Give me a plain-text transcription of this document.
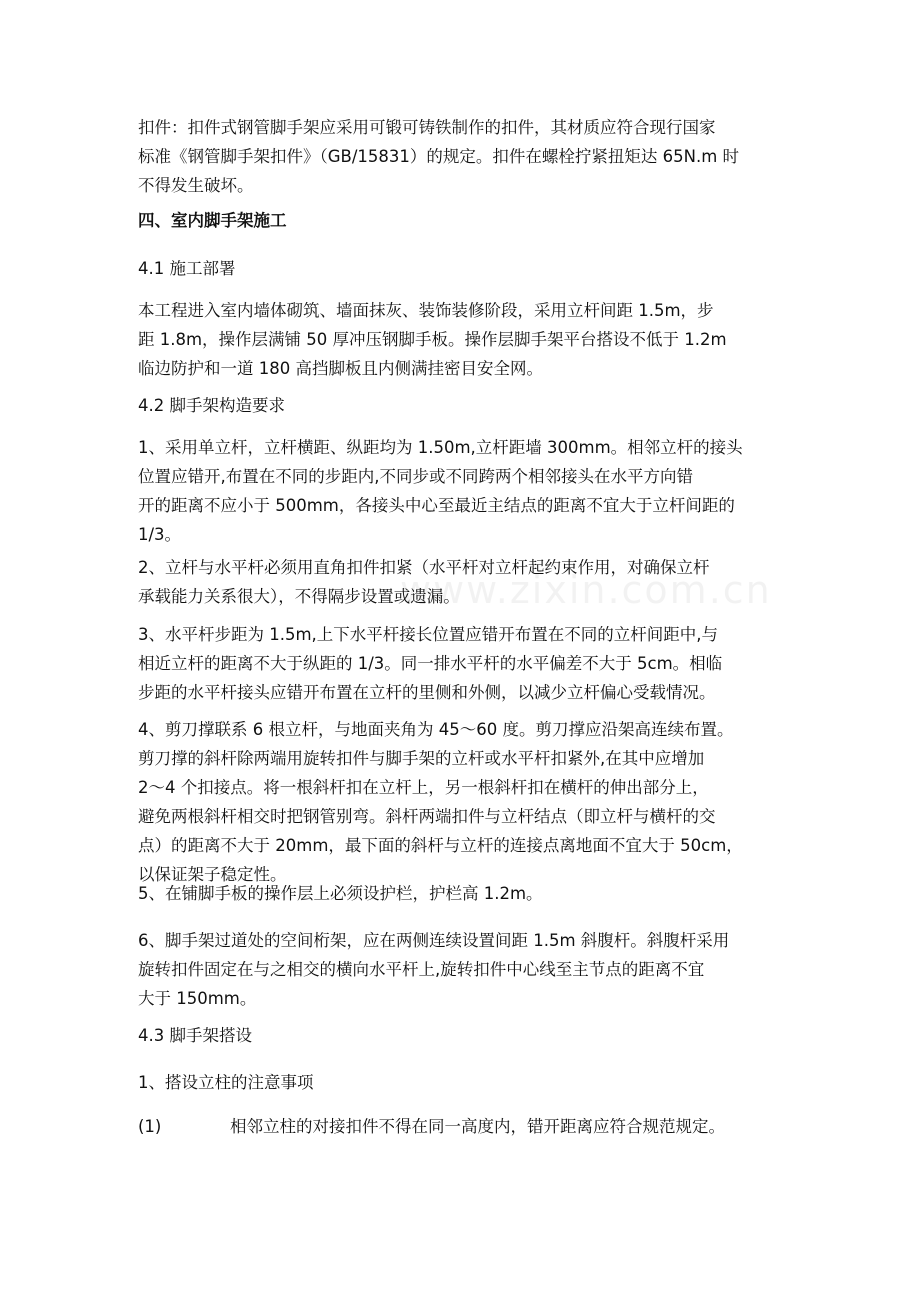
www.zixin.com.cn

扣件：扣件式钢管脚手架应采用可锻可铸铁制作的扣件，其材质应符合现行国家
标准《钢管脚手架扣件》（GB/15831）的规定。扣件在螺栓拧紧扭矩达 65N.m 时
不得发生破坏。

四、室内脚手架施工

4.1 施工部署

本工程进入室内墙体砌筑、墙面抹灰、装饰装修阶段，采用立杆间距 1.5m，步
距 1.8m，操作层满铺 50 厚冲压钢脚手板。操作层脚手架平台搭设不低于 1.2m
临边防护和一道 180 高挡脚板且内侧满挂密目安全网。

4.2 脚手架构造要求

1、采用单立杆，立杆横距、纵距均为 1.50m,立杆距墙 300mm。相邻立杆的接头
位置应错开,布置在不同的步距内,不同步或不同跨两个相邻接头在水平方向错
开的距离不应小于 500mm，各接头中心至最近主结点的距离不宜大于立杆间距的
1/3。

2、立杆与水平杆必须用直角扣件扣紧（水平杆对立杆起约束作用，对确保立杆
承载能力关系很大），不得隔步设置或遗漏。

3、水平杆步距为 1.5m,上下水平杆接长位置应错开布置在不同的立杆间距中,与
相近立杆的距离不大于纵距的 1/3。同一排水平杆的水平偏差不大于 5cm。相临
步距的水平杆接头应错开布置在立杆的里侧和外侧，以减少立杆偏心受载情况。

4、剪刀撑联系 6 根立杆，与地面夹角为 45～60 度。剪刀撑应沿架高连续布置。
剪刀撑的斜杆除两端用旋转扣件与脚手架的立杆或水平杆扣紧外,在其中应增加
2～4 个扣接点。将一根斜杆扣在立杆上，另一根斜杆扣在横杆的伸出部分上，
避免两根斜杆相交时把钢管别弯。斜杆两端扣件与立杆结点（即立杆与横杆的交
点）的距离不大于 20mm，最下面的斜杆与立杆的连接点离地面不宜大于 50cm，
以保证架子稳定性。

5、在铺脚手板的操作层上必须设护栏，护栏高 1.2m。

6、脚手架过道处的空间桁架，应在两侧连续设置间距 1.5m 斜腹杆。斜腹杆采用
旋转扣件固定在与之相交的横向水平杆上,旋转扣件中心线至主节点的距离不宜
大于 150mm。

4.3 脚手架搭设

1、搭设立柱的注意事项

(1)	相邻立柱的对接扣件不得在同一高度内，错开距离应符合规范规定。
